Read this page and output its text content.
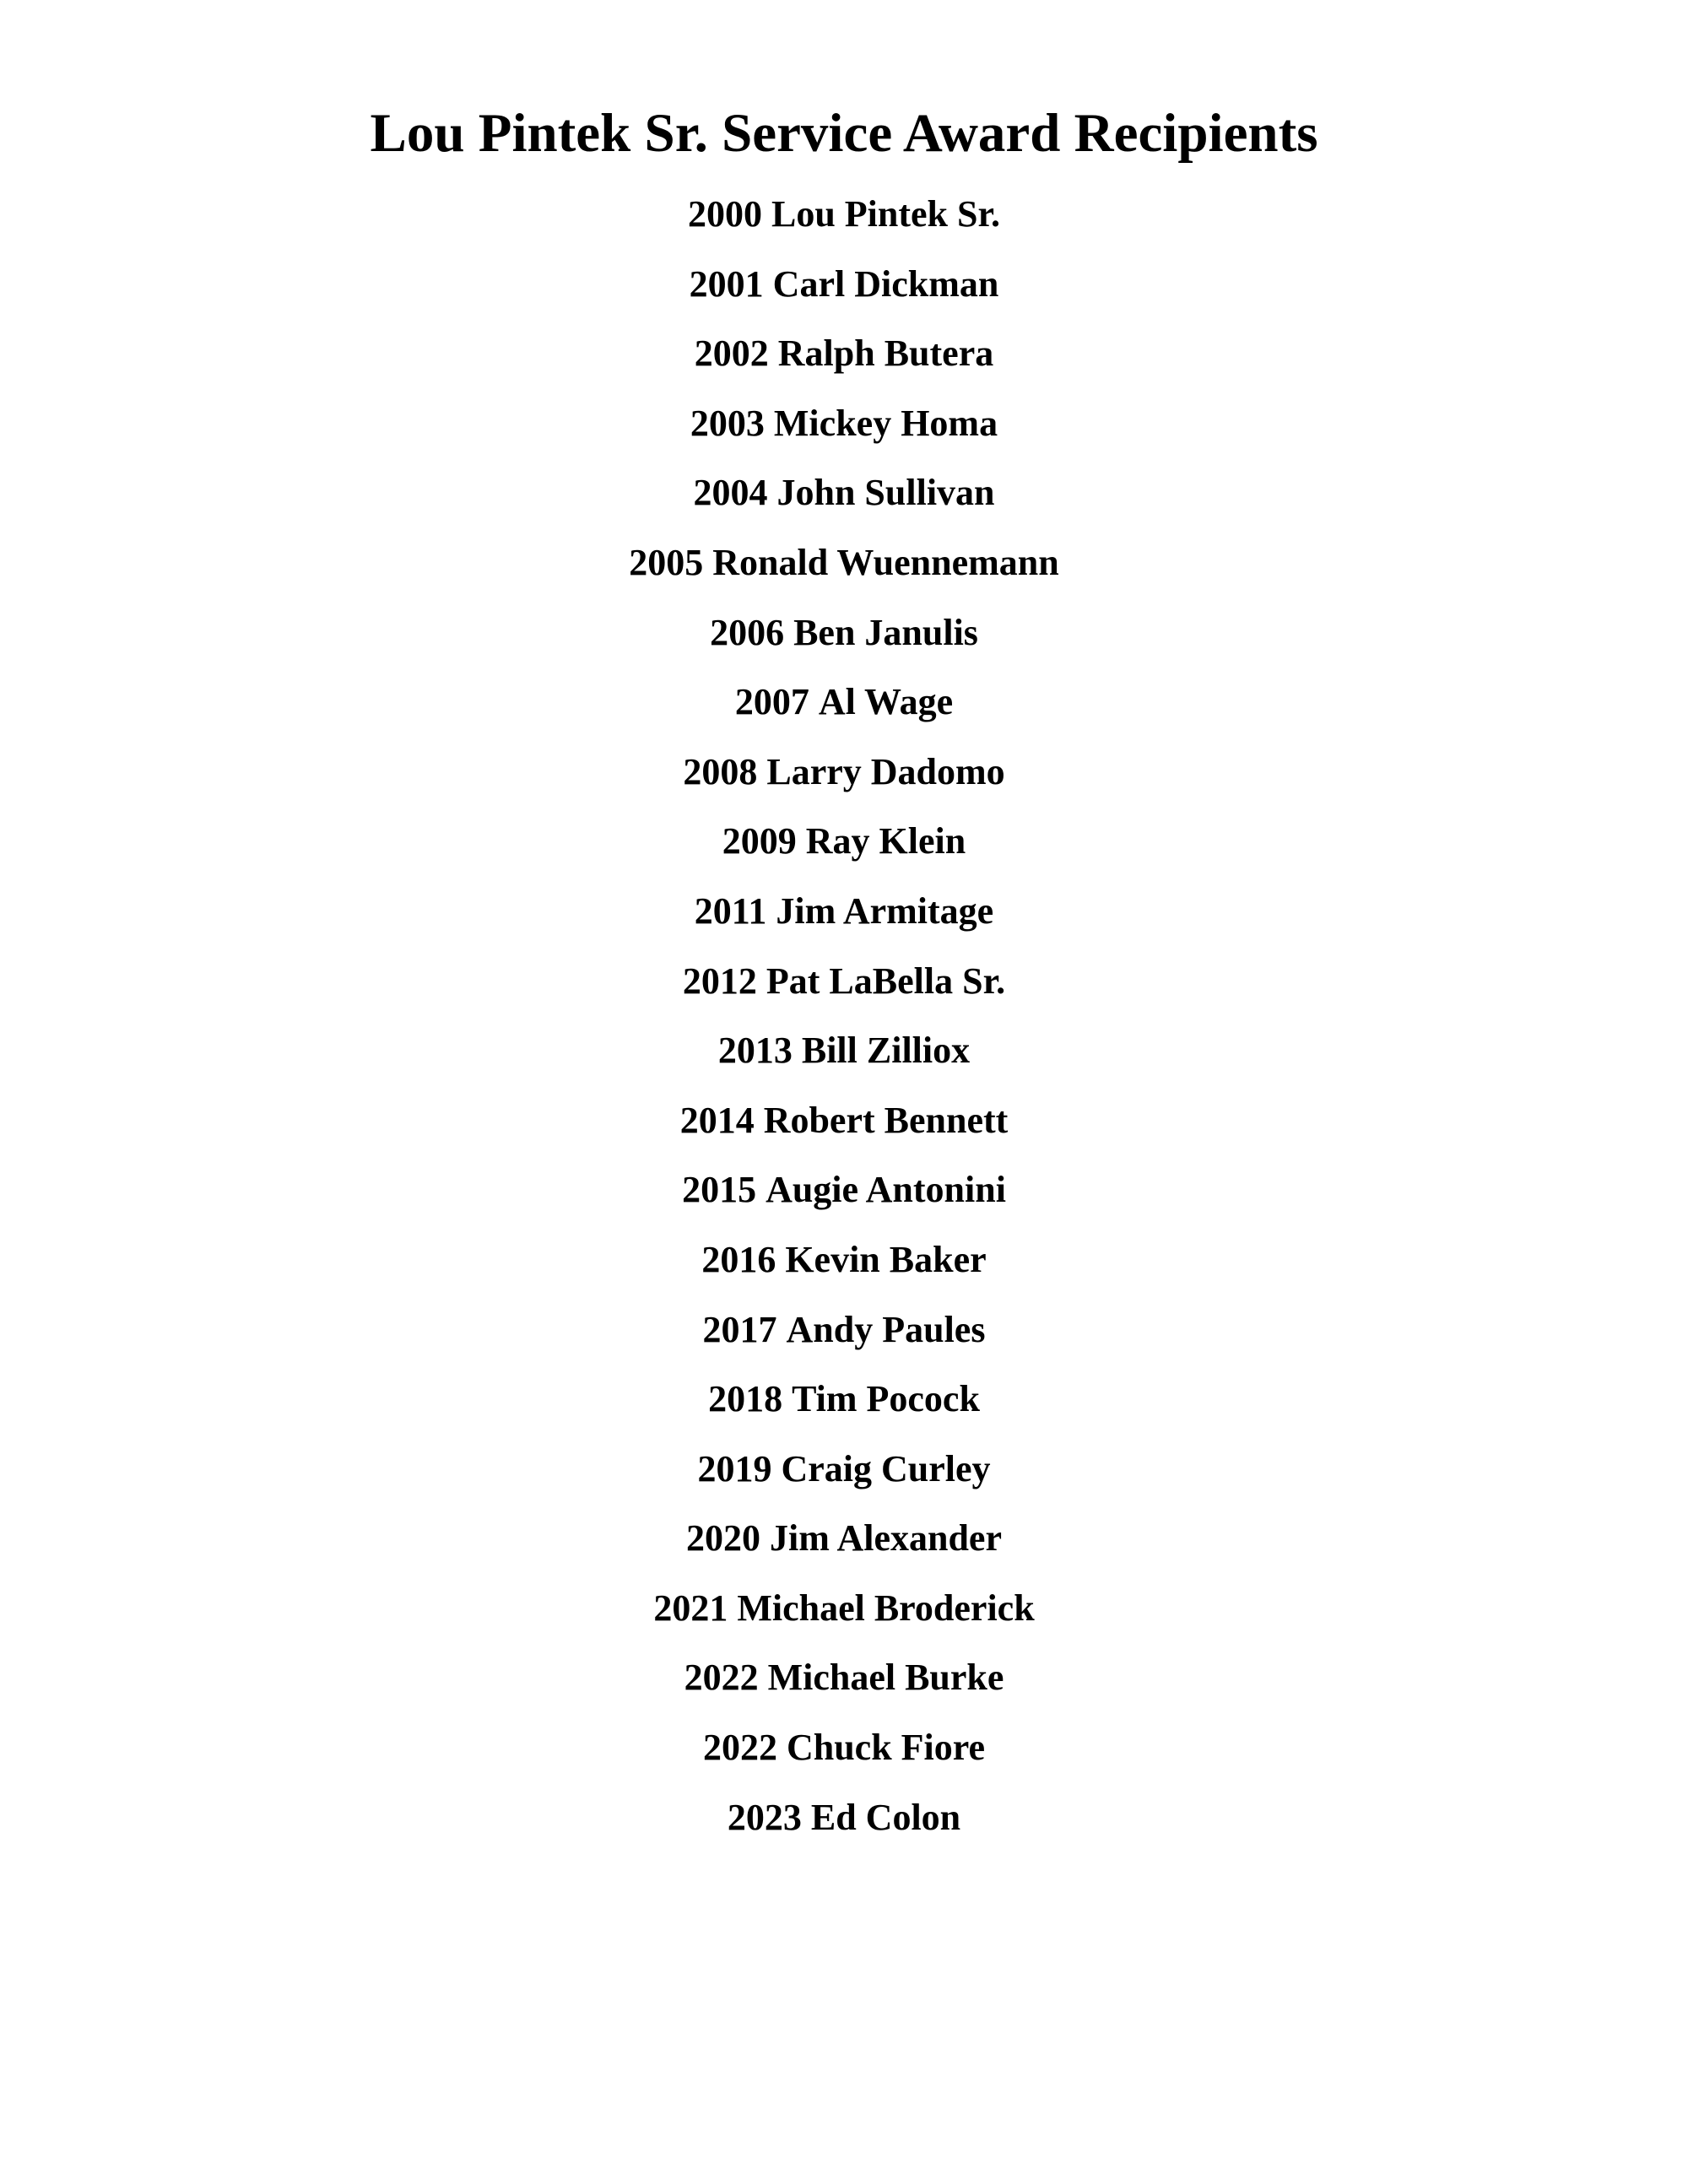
Lou Pintek Sr. Service Award Recipients
2000 Lou Pintek Sr.
2001 Carl Dickman
2002 Ralph Butera
2003 Mickey Homa
2004 John Sullivan
2005 Ronald Wuennemann
2006 Ben Janulis
2007 Al Wage
2008 Larry Dadomo
2009 Ray Klein
2011 Jim Armitage
2012 Pat LaBella Sr.
2013 Bill Zilliox
2014 Robert Bennett
2015 Augie Antonini
2016 Kevin Baker
2017 Andy Paules
2018 Tim Pocock
2019 Craig Curley
2020 Jim Alexander
2021 Michael Broderick
2022 Michael Burke
2022 Chuck Fiore
2023 Ed Colon
